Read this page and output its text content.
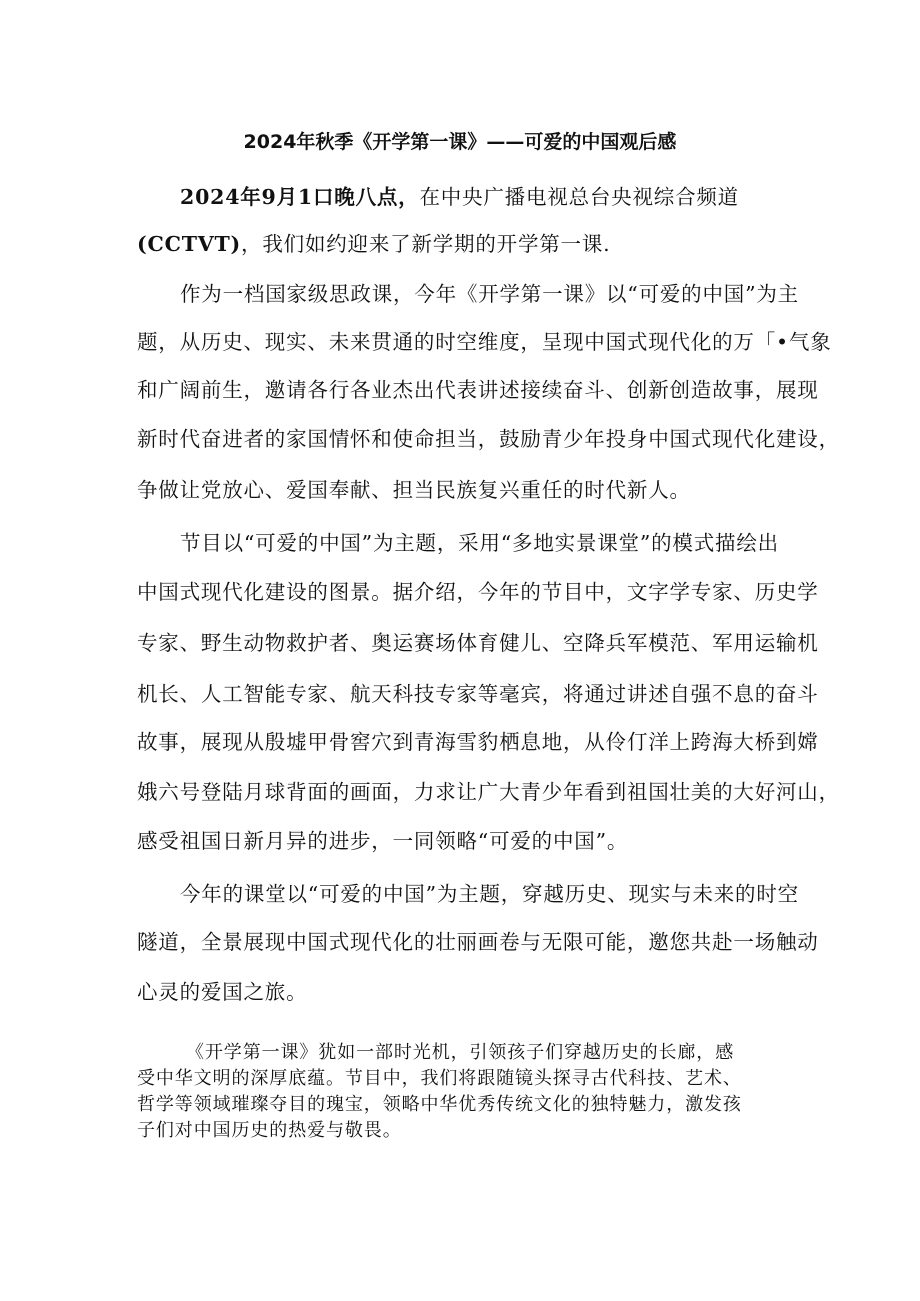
2024年秋季《开学第一课》——可爱的中国观后感
2024年9月1口晚八点，在中央广播电视总台央视综合频道
(CCTVT)，我们如约迎来了新学期的开学第一课.
作为一档国家级思政课，今年《开学第一课》以“可爱的中国”为主
题，从历史、现实、未来贯通的时空维度，呈现中国式现代化的万「•气象
和广阔前生，邀请各行各业杰出代表讲述接续奋斗、创新创造故事，展现
新时代奋进者的家国情怀和使命担当，鼓励青少年投身中国式现代化建设，
争做让党放心、爱国奉献、担当民族复兴重任的时代新人。
节目以“可爱的中国”为主题，采用“多地实景课堂”的模式描绘出
中国式现代化建设的图景。据介绍，今年的节目中，文字学专家、历史学
专家、野生动物救护者、奥运赛场体育健儿、空降兵军模范、军用运输机
机长、人工智能专家、航天科技专家等毫宾，将通过讲述自强不息的奋斗
故事，展现从殷墟甲骨窖穴到青海雪豹栖息地，从伶仃洋上跨海大桥到嫦
娥六号登陆月球背面的画面，力求让广大青少年看到祖国壮美的大好河山，
感受祖国日新月异的进步，一同领略“可爱的中国”。
今年的课堂以“可爱的中国”为主题，穿越历史、现实与未来的时空
隧道，全景展现中国式现代化的壮丽画卷与无限可能，邀您共赴一场触动
心灵的爱国之旅。
《开学第一课》犹如一部时光机，引领孩子们穿越历史的长廊，感
受中华文明的深厚底蕴。节目中，我们将跟随镜头探寻古代科技、艺术、
哲学等领域璀璨夺目的瑰宝，领略中华优秀传统文化的独特魅力，激发孩
子们对中国历史的热爱与敬畏。
